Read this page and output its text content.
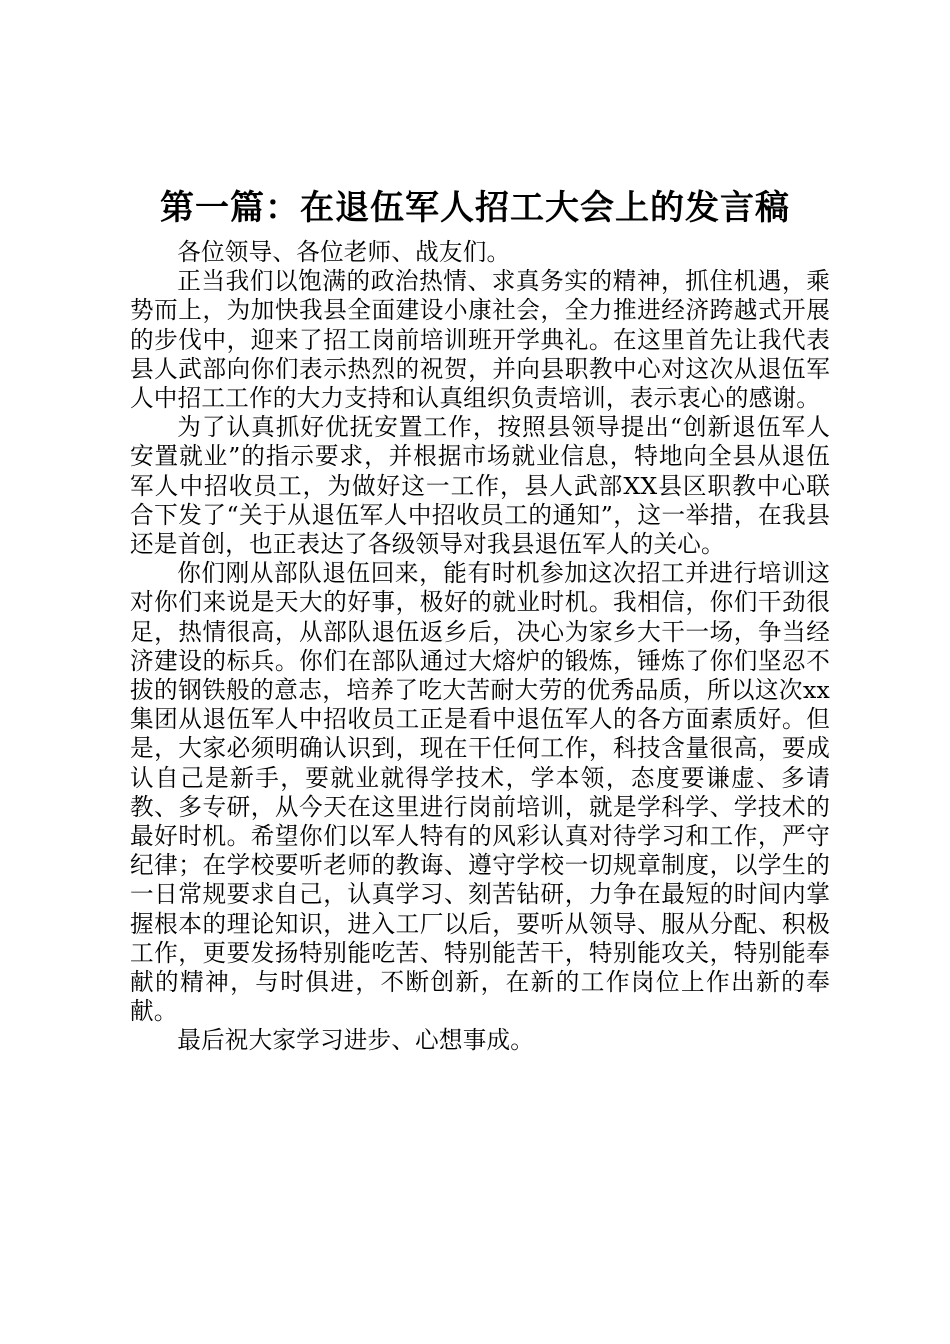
第一篇：在退伍军人招工大会上的发言稿

各位领导、各位老师、战友们。

正当我们以饱满的政治热情、求真务实的精神，抓住机遇，乘势而上，为加快我县全面建设小康社会，全力推进经济跨越式开展的步伐中，迎来了招工岗前培训班开学典礼。在这里首先让我代表县人武部向你们表示热烈的祝贺，并向县职教中心对这次从退伍军人中招工工作的大力支持和认真组织负责培训，表示衷心的感谢。

为了认真抓好优抚安置工作，按照县领导提出“创新退伍军人安置就业”的指示要求，并根据市场就业信息，特地向全县从退伍军人中招收员工，为做好这一工作，县人武部XX县区职教中心联合下发了“关于从退伍军人中招收员工的通知”，这一举措，在我县还是首创，也正表达了各级领导对我县退伍军人的关心。

你们刚从部队退伍回来，能有时机参加这次招工并进行培训这对你们来说是天大的好事，极好的就业时机。我相信，你们干劲很足，热情很高，从部队退伍返乡后，决心为家乡大干一场，争当经济建设的标兵。你们在部队通过大熔炉的锻炼，锤炼了你们坚忍不拔的钢铁般的意志，培养了吃大苦耐大劳的优秀品质，所以这次xx集团从退伍军人中招收员工正是看中退伍军人的各方面素质好。但是，大家必须明确认识到，现在干任何工作，科技含量很高，要成认自己是新手，要就业就得学技术，学本领，态度要谦虚、多请教、多专研，从今天在这里进行岗前培训，就是学科学、学技术的最好时机。希望你们以军人特有的风彩认真对待学习和工作，严守纪律；在学校要听老师的教诲、遵守学校一切规章制度，以学生的一日常规要求自己，认真学习、刻苦钻研，力争在最短的时间内掌握根本的理论知识，进入工厂以后，要听从领导、服从分配、积极工作，更要发扬特别能吃苦、特别能苦干，特别能攻关，特别能奉献的精神，与时俱进，不断创新，在新的工作岗位上作出新的奉献。

最后祝大家学习进步、心想事成。
